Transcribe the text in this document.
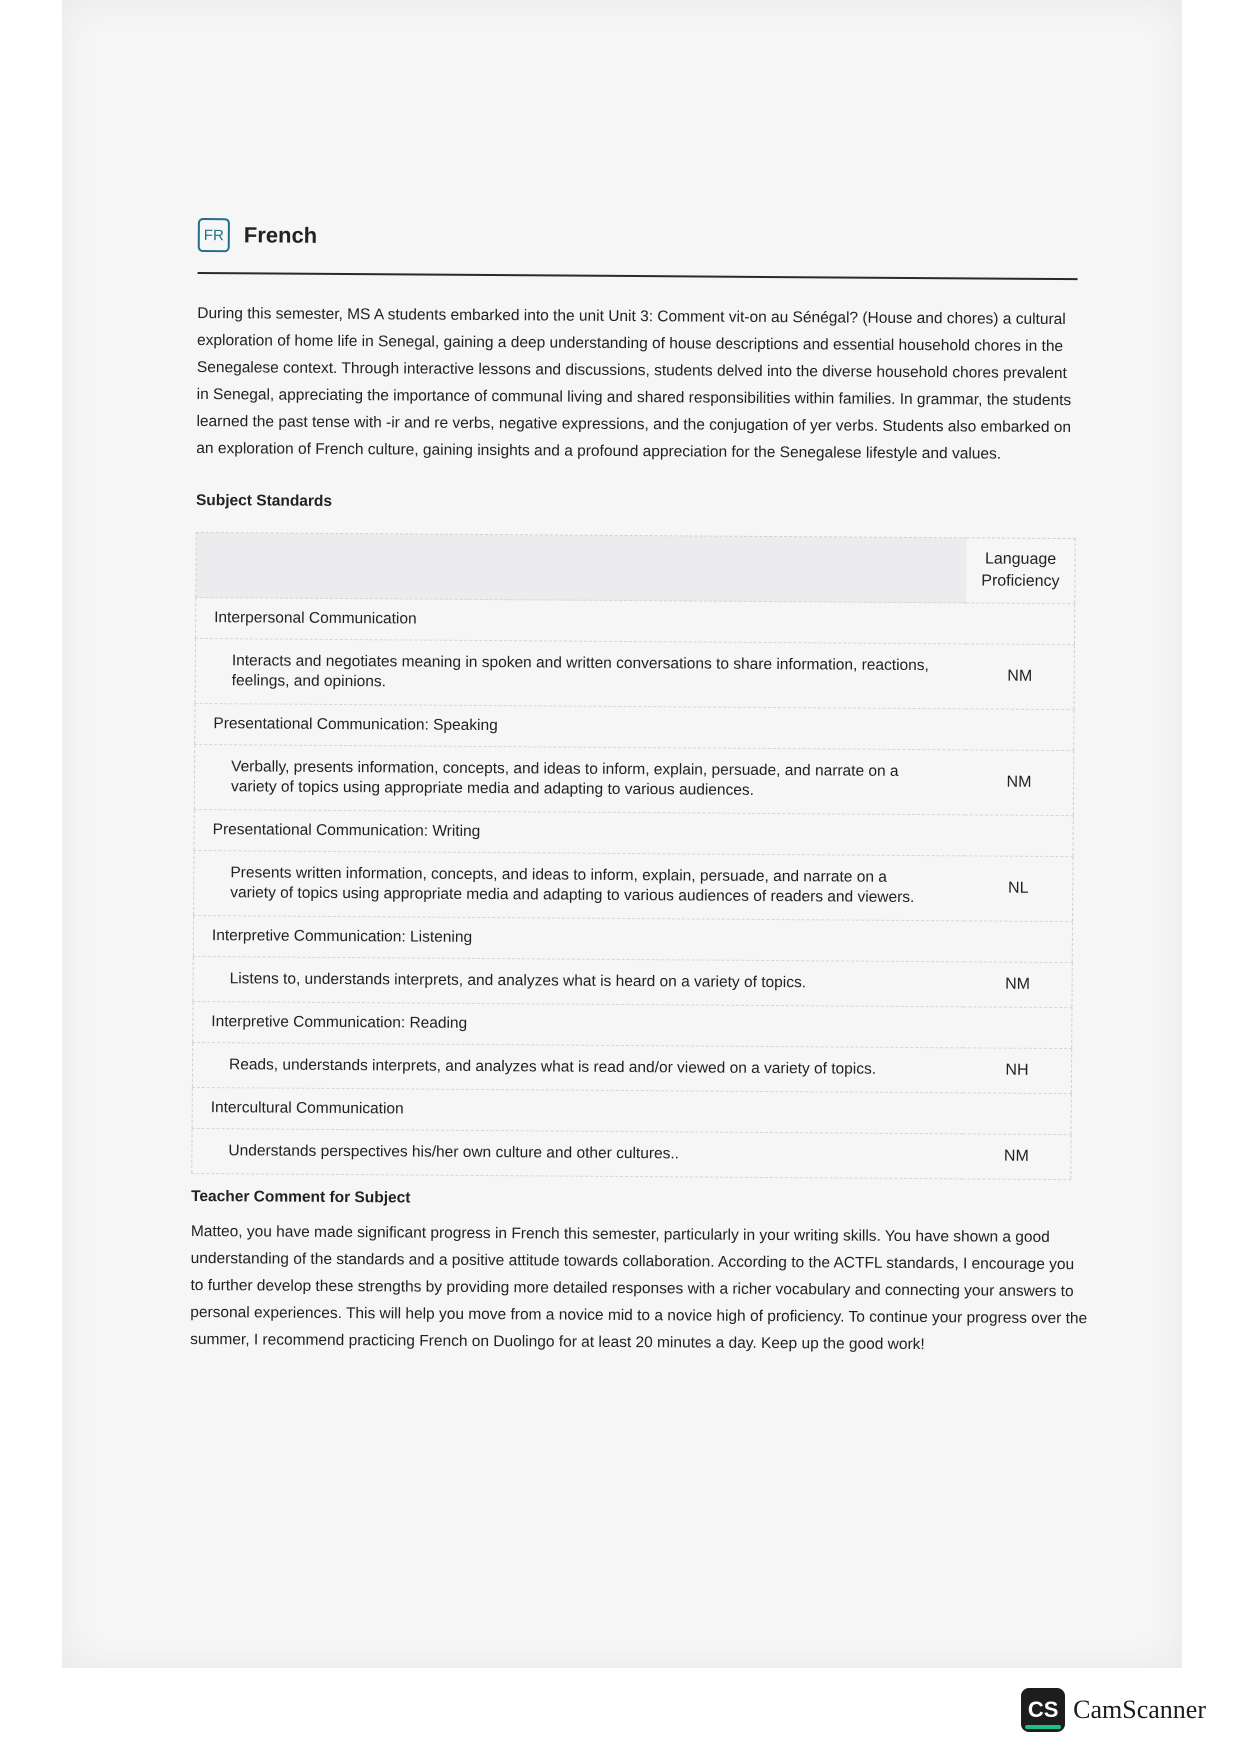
FR French
During this semester, MS A students embarked into the unit Unit 3: Comment vit-on au Sénégal? (House and chores) a cultural exploration of home life in Senegal, gaining a deep understanding of house descriptions and essential household chores in the Senegalese context. Through interactive lessons and discussions, students delved into the diverse household chores prevalent in Senegal, appreciating the importance of communal living and shared responsibilities within families. In grammar, the students learned the past tense with -ir and re verbs, negative expressions, and the conjugation of yer verbs. Students also embarked on an exploration of French culture, gaining insights and a profound appreciation for the Senegalese lifestyle and values.
Subject Standards
	Language Proficiency
Interpersonal Communication	
Interacts and negotiates meaning in spoken and written conversations to share information, reactions, feelings, and opinions.	NM
Presentational Communication: Speaking	
Verbally, presents information, concepts, and ideas to inform, explain, persuade, and narrate on a variety of topics using appropriate media and adapting to various audiences.	NM
Presentational Communication: Writing	
Presents written information, concepts, and ideas to inform, explain, persuade, and narrate on a variety of topics using appropriate media and adapting to various audiences of readers and viewers.	NL
Interpretive Communication: Listening	
Listens to, understands interprets, and analyzes what is heard on a variety of topics.	NM
Interpretive Communication: Reading	
Reads, understands interprets, and analyzes what is read and/or viewed on a variety of topics.	NH
Intercultural Communication	
Understands perspectives his/her own culture and other cultures..	NM
Teacher Comment for Subject
Matteo, you have made significant progress in French this semester, particularly in your writing skills. You have shown a good understanding of the standards and a positive attitude towards collaboration. According to the ACTFL standards, I encourage you to further develop these strengths by providing more detailed responses with a richer vocabulary and connecting your answers to personal experiences. This will help you move from a novice mid to a novice high of proficiency. To continue your progress over the summer, I recommend practicing French on Duolingo for at least 20 minutes a day. Keep up the good work!
CS CamScanner
